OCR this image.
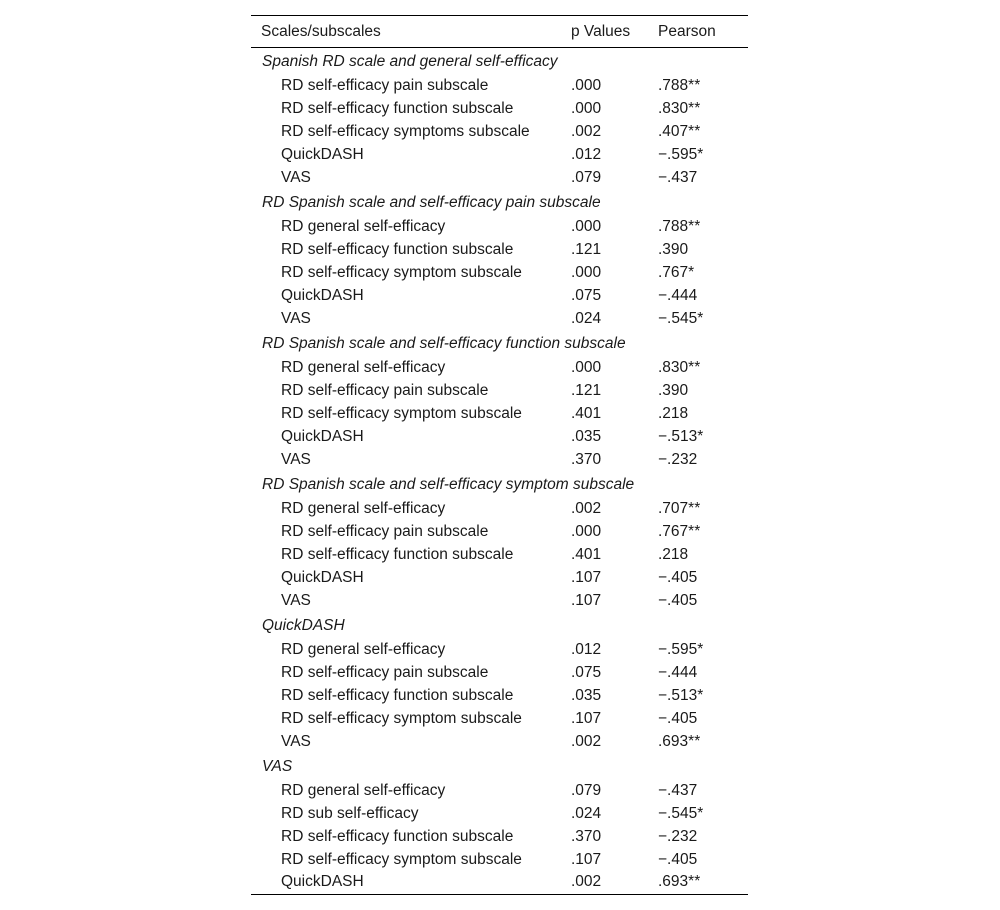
Scales/subscales	p Values	Pearson
Spanish RD scale and general self-efficacy		
RD self-efficacy pain subscale	.000	.788**
RD self-efficacy function subscale	.000	.830**
RD self-efficacy symptoms subscale	.002	.407**
QuickDASH	.012	−.595*
VAS	.079	−.437
RD Spanish scale and self-efficacy pain subscale		
RD general self-efficacy	.000	.788**
RD self-efficacy function subscale	.121	.390
RD self-efficacy symptom subscale	.000	.767*
QuickDASH	.075	−.444
VAS	.024	−.545*
RD Spanish scale and self-efficacy function subscale		
RD general self-efficacy	.000	.830**
RD self-efficacy pain subscale	.121	.390
RD self-efficacy symptom subscale	.401	.218
QuickDASH	.035	−.513*
VAS	.370	−.232
RD Spanish scale and self-efficacy symptom subscale		
RD general self-efficacy	.002	.707**
RD self-efficacy pain subscale	.000	.767**
RD self-efficacy function subscale	.401	.218
QuickDASH	.107	−.405
VAS	.107	−.405
QuickDASH		
RD general self-efficacy	.012	−.595*
RD self-efficacy pain subscale	.075	−.444
RD self-efficacy function subscale	.035	−.513*
RD self-efficacy symptom subscale	.107	−.405
VAS	.002	.693**
VAS		
RD general self-efficacy	.079	−.437
RD sub self-efficacy	.024	−.545*
RD self-efficacy function subscale	.370	−.232
RD self-efficacy symptom subscale	.107	−.405
QuickDASH	.002	.693**
